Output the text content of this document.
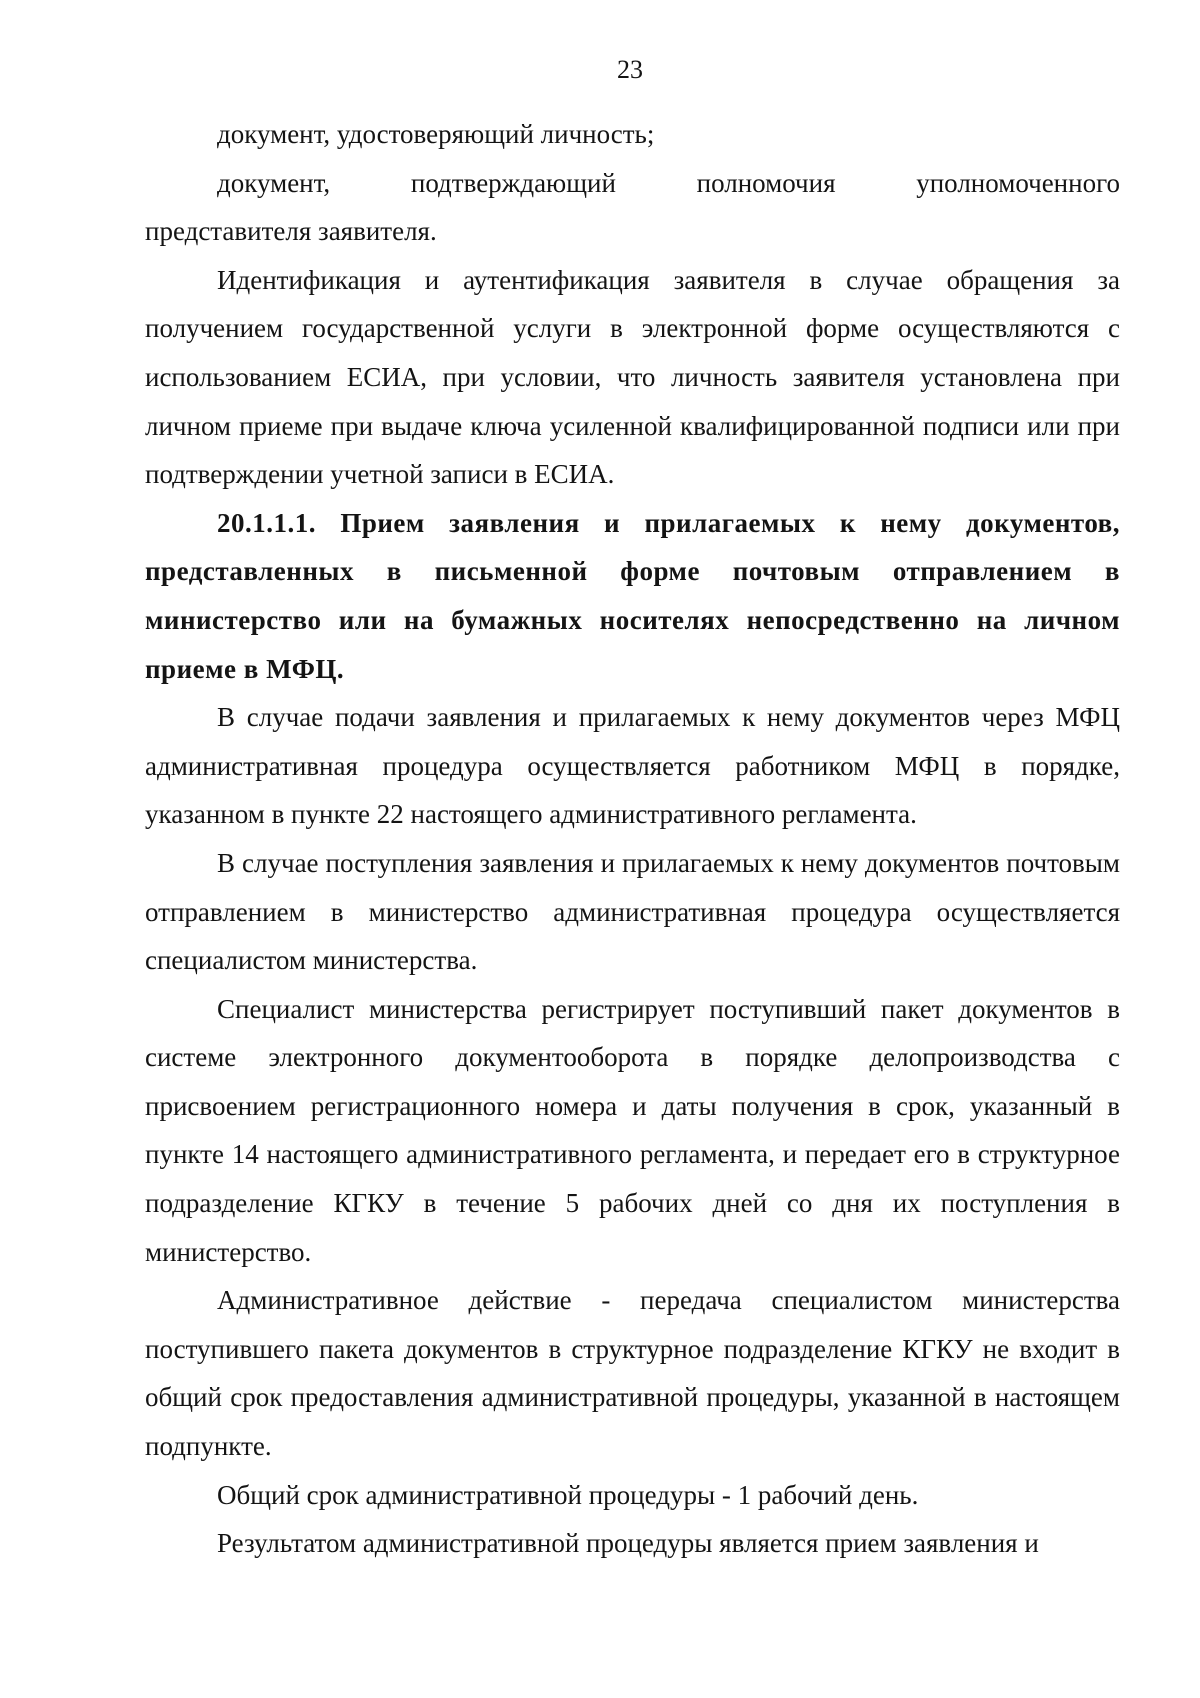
23

документ, удостоверяющий личность;

документ,	подтверждающий	полномочия	уполномоченного

представителя заявителя.

Идентификация и аутентификация заявителя в случае обращения за получением государственной услуги в электронной форме осуществляются с использованием ЕСИА, при условии, что личность заявителя установлена при личном приеме при выдаче ключа усиленной квалифицированной подписи или при подтверждении учетной записи в ЕСИА.

20.1.1.1. Прием заявления и прилагаемых к нему документов, представленных в письменной форме почтовым отправлением в министерство или на бумажных носителях непосредственно на личном приеме в МФЦ.

В случае подачи заявления и прилагаемых к нему документов через МФЦ административная процедура осуществляется работником МФЦ в порядке, указанном в пункте 22 настоящего административного регламента.

В случае поступления заявления и прилагаемых к нему документов почтовым отправлением в министерство административная процедура осуществляется специалистом министерства.

Специалист министерства регистрирует поступивший пакет документов в системе электронного документооборота в порядке делопроизводства с присвоением регистрационного номера и даты получения в срок, указанный в пункте 14 настоящего административного регламента, и передает его в структурное подразделение КГКУ в течение 5 рабочих дней со дня их поступления в министерство.

Административное действие - передача специалистом министерства поступившего пакета документов в структурное подразделение КГКУ не входит в общий срок предоставления административной процедуры, указанной в настоящем подпункте.

Общий срок административной процедуры - 1 рабочий день.

Результатом административной процедуры является прием заявления и
